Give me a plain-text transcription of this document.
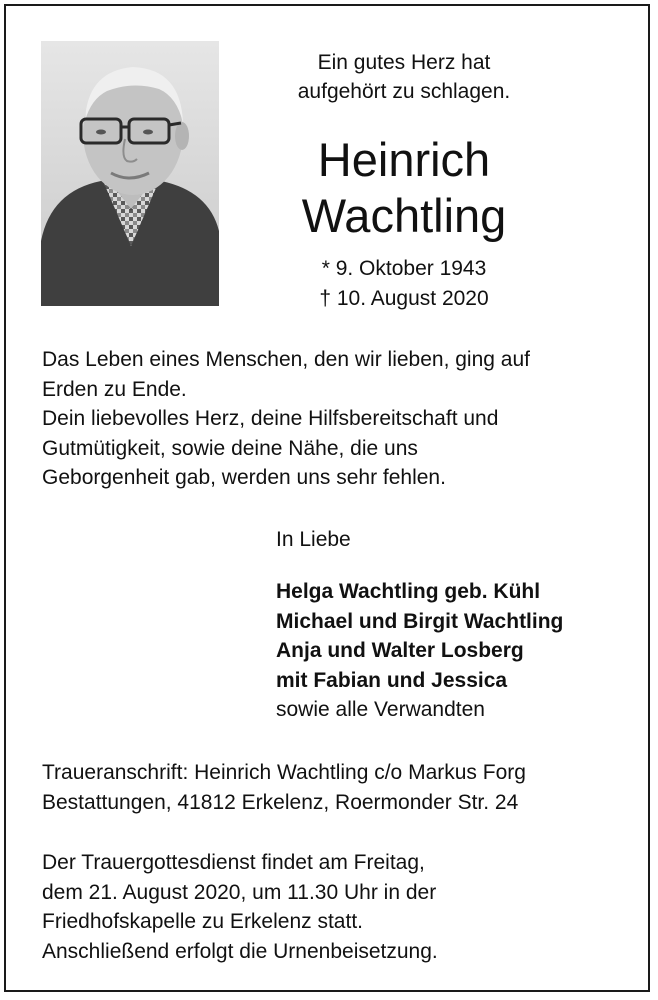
Ein gutes Herz hat
aufgehört zu schlagen.
Heinrich
Wachtling
* 9. Oktober 1943
† 10. August 2020
Das Leben eines Menschen, den wir lieben, ging auf
Erden zu Ende.
Dein liebevolles Herz, deine Hilfsbereitschaft und
Gutmütigkeit, sowie deine Nähe, die uns
Geborgenheit gab, werden uns sehr fehlen.
In Liebe
Helga Wachtling geb. Kühl
Michael und Birgit Wachtling
Anja und Walter Losberg
mit Fabian und Jessica
sowie alle Verwandten
Traueranschrift: Heinrich Wachtling c/o Markus Forg
Bestattungen, 41812 Erkelenz, Roermonder Str. 24
Der Trauergottesdienst findet am Freitag,
dem 21. August 2020, um 11.30 Uhr in der
Friedhofskapelle zu Erkelenz statt.
Anschließend erfolgt die Urnenbeisetzung.
